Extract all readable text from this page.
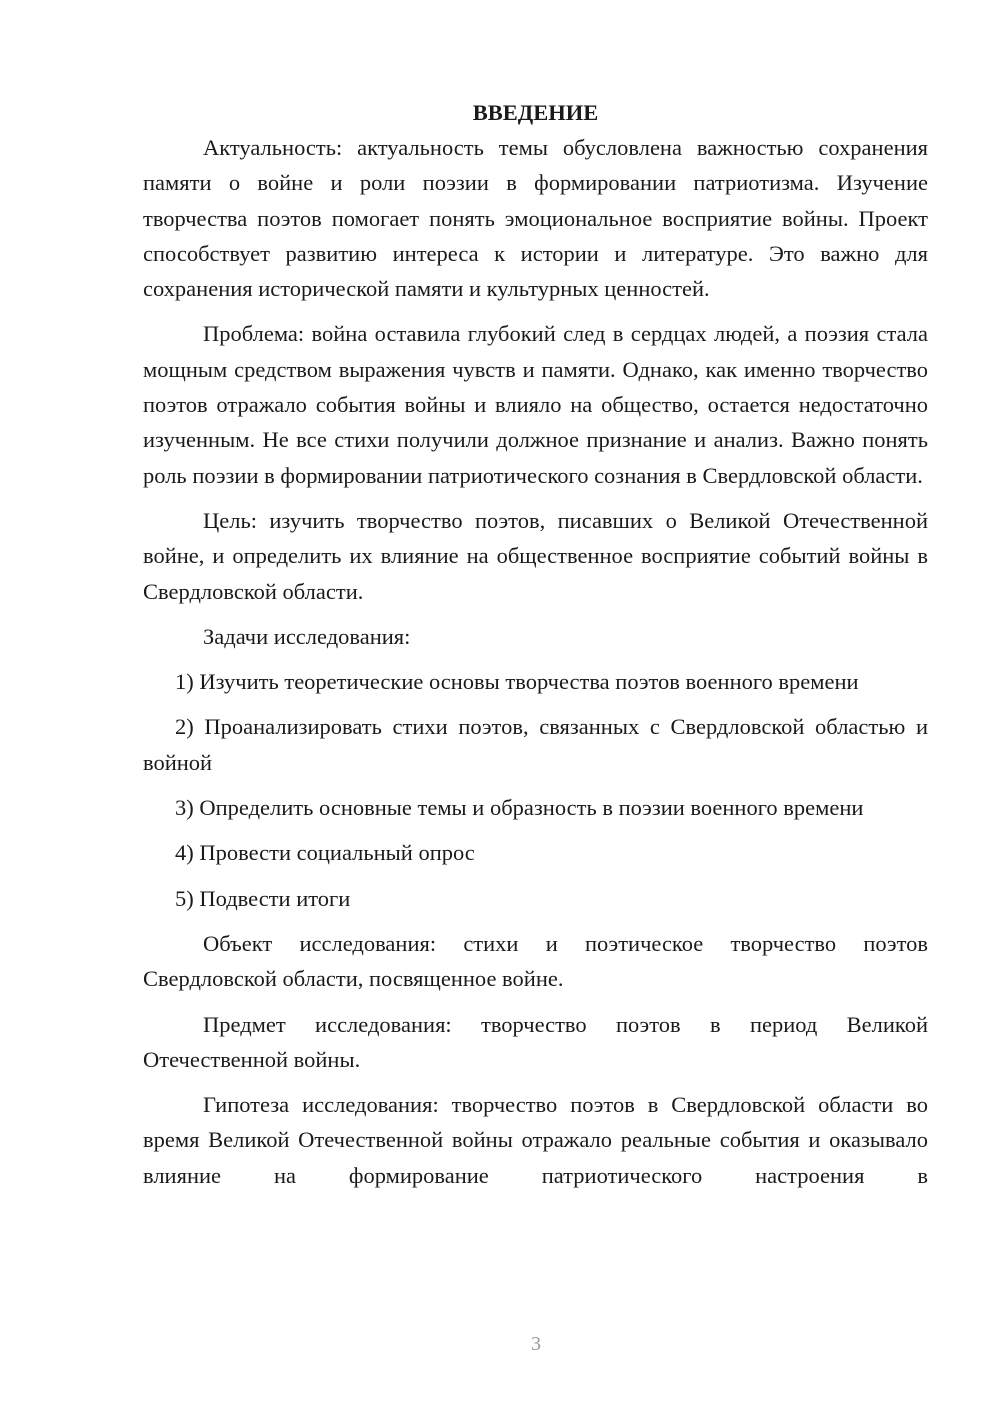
ВВЕДЕНИЕ

Актуальность: актуальность темы обусловлена важностью сохранения памяти о войне и роли поэзии в формировании патриотизма. Изучение творчества поэтов помогает понять эмоциональное восприятие войны. Проект способствует развитию интереса к истории и литературе. Это важно для сохранения исторической памяти и культурных ценностей.

Проблема: война оставила глубокий след в сердцах людей, а поэзия стала мощным средством выражения чувств и памяти. Однако, как именно творчество поэтов отражало события войны и влияло на общество, остается недостаточно изученным. Не все стихи получили должное признание и анализ. Важно понять роль поэзии в формировании патриотического сознания в Свердловской области.

Цель: изучить творчество поэтов, писавших о Великой Отечественной войне, и определить их влияние на общественное восприятие событий войны в Свердловской области.

Задачи исследования:

1) Изучить теоретические основы творчества поэтов военного времени

2) Проанализировать стихи поэтов, связанных с Свердловской областью и войной

3) Определить основные темы и образность в поэзии военного времени

4) Провести социальный опрос

5) Подвести итоги

Объект исследования: стихи и поэтическое творчество поэтов Свердловской области, посвященное войне.

Предмет исследования: творчество поэтов в период Великой Отечественной войны.

Гипотеза исследования: творчество поэтов в Свердловской области во время Великой Отечественной войны отражало реальные события и оказывало влияние на формирование патриотического настроения в

3
